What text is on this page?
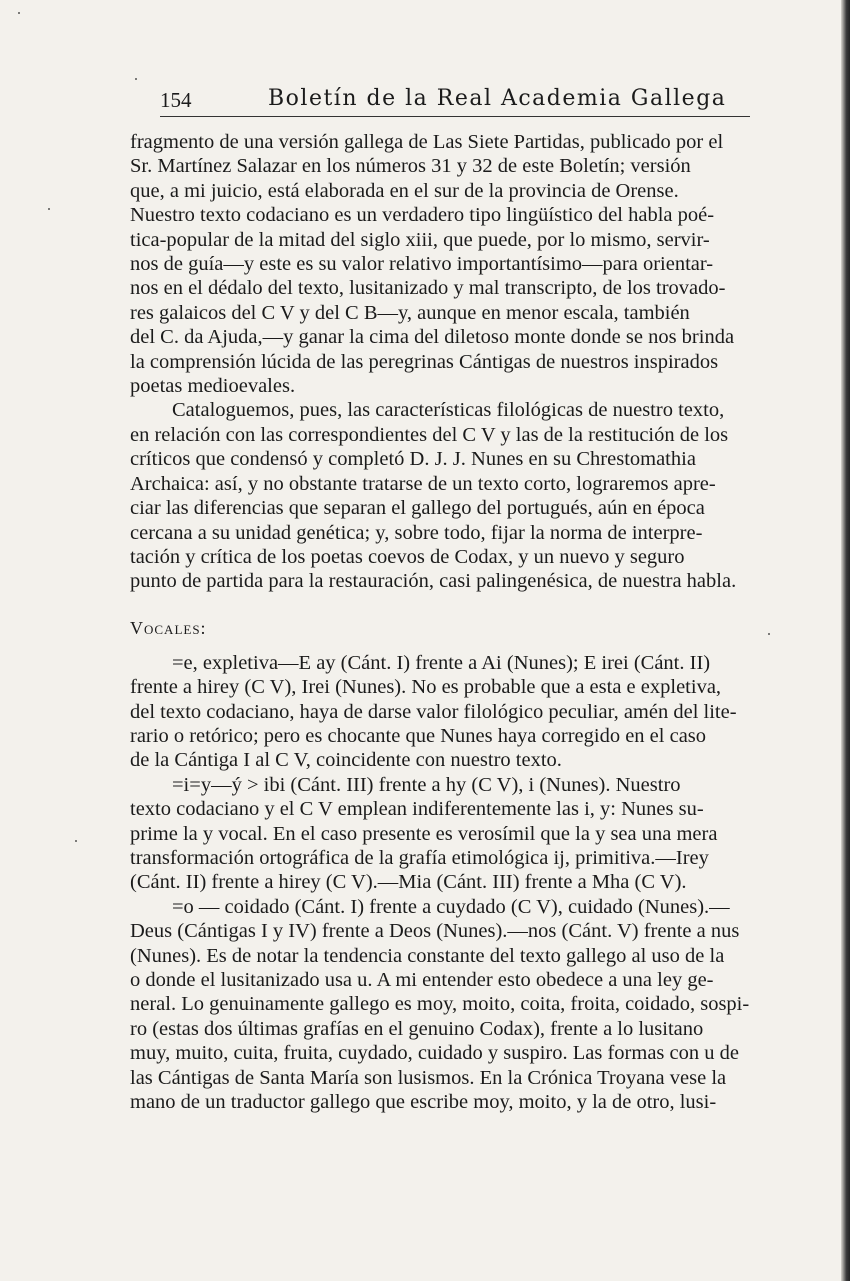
154	Boletín de la Real Academia Gallega

fragmento de una versión gallega de Las Siete Partidas, publicado por el
Sr. Martínez Salazar en los números 31 y 32 de este Boletín; versión
que, a mi juicio, está elaborada en el sur de la provincia de Orense.
Nuestro texto codaciano es un verdadero tipo lingüístico del habla poé-
tica-popular de la mitad del siglo xiii, que puede, por lo mismo, servir-
nos de guía—y este es su valor relativo importantísimo—para orientar-
nos en el dédalo del texto, lusitanizado y mal transcripto, de los trovado-
res galaicos del C V y del C B—y, aunque en menor escala, también
del C. da Ajuda,—y ganar la cima del diletoso monte donde se nos brinda
la comprensión lúcida de las peregrinas Cántigas de nuestros inspirados
poetas medioevales.

Cataloguemos, pues, las características filológicas de nuestro texto,
en relación con las correspondientes del C V y las de la restitución de los
críticos que condensó y completó D. J. J. Nunes en su Chrestomathia
Archaica: así, y no obstante tratarse de un texto corto, lograremos apre-
ciar las diferencias que separan el gallego del portugués, aún en época
cercana a su unidad genética; y, sobre todo, fijar la norma de interpre-
tación y crítica de los poetas coevos de Codax, y un nuevo y seguro
punto de partida para la restauración, casi palingenésica, de nuestra habla.

Vocales:

=e, expletiva—E ay (Cánt. I) frente a Ai (Nunes); E irei (Cánt. II)
frente a hirey (C V), Irei (Nunes). No es probable que a esta e expletiva,
del texto codaciano, haya de darse valor filológico peculiar, amén del lite-
rario o retórico; pero es chocante que Nunes haya corregido en el caso
de la Cántiga I al C V, coincidente con nuestro texto.

=i=y—ý > ibi (Cánt. III) frente a hy (C V), i (Nunes). Nuestro
texto codaciano y el C V emplean indiferentemente las i, y: Nunes su-
prime la y vocal. En el caso presente es verosímil que la y sea una mera
transformación ortográfica de la grafía etimológica ij, primitiva.—Irey
(Cánt. II) frente a hirey (C V).—Mia (Cánt. III) frente a Mha (C V).

=o — coidado (Cánt. I) frente a cuydado (C V), cuidado (Nunes).—
Deus (Cántigas I y IV) frente a Deos (Nunes).—nos (Cánt. V) frente a nus
(Nunes). Es de notar la tendencia constante del texto gallego al uso de la
o donde el lusitanizado usa u. A mi entender esto obedece a una ley ge-
neral. Lo genuinamente gallego es moy, moito, coita, froita, coidado, sospi-
ro (estas dos últimas grafías en el genuino Codax), frente a lo lusitano
muy, muito, cuita, fruita, cuydado, cuidado y suspiro. Las formas con u de
las Cántigas de Santa María son lusismos. En la Crónica Troyana vese la
mano de un traductor gallego que escribe moy, moito, y la de otro, lusi-
